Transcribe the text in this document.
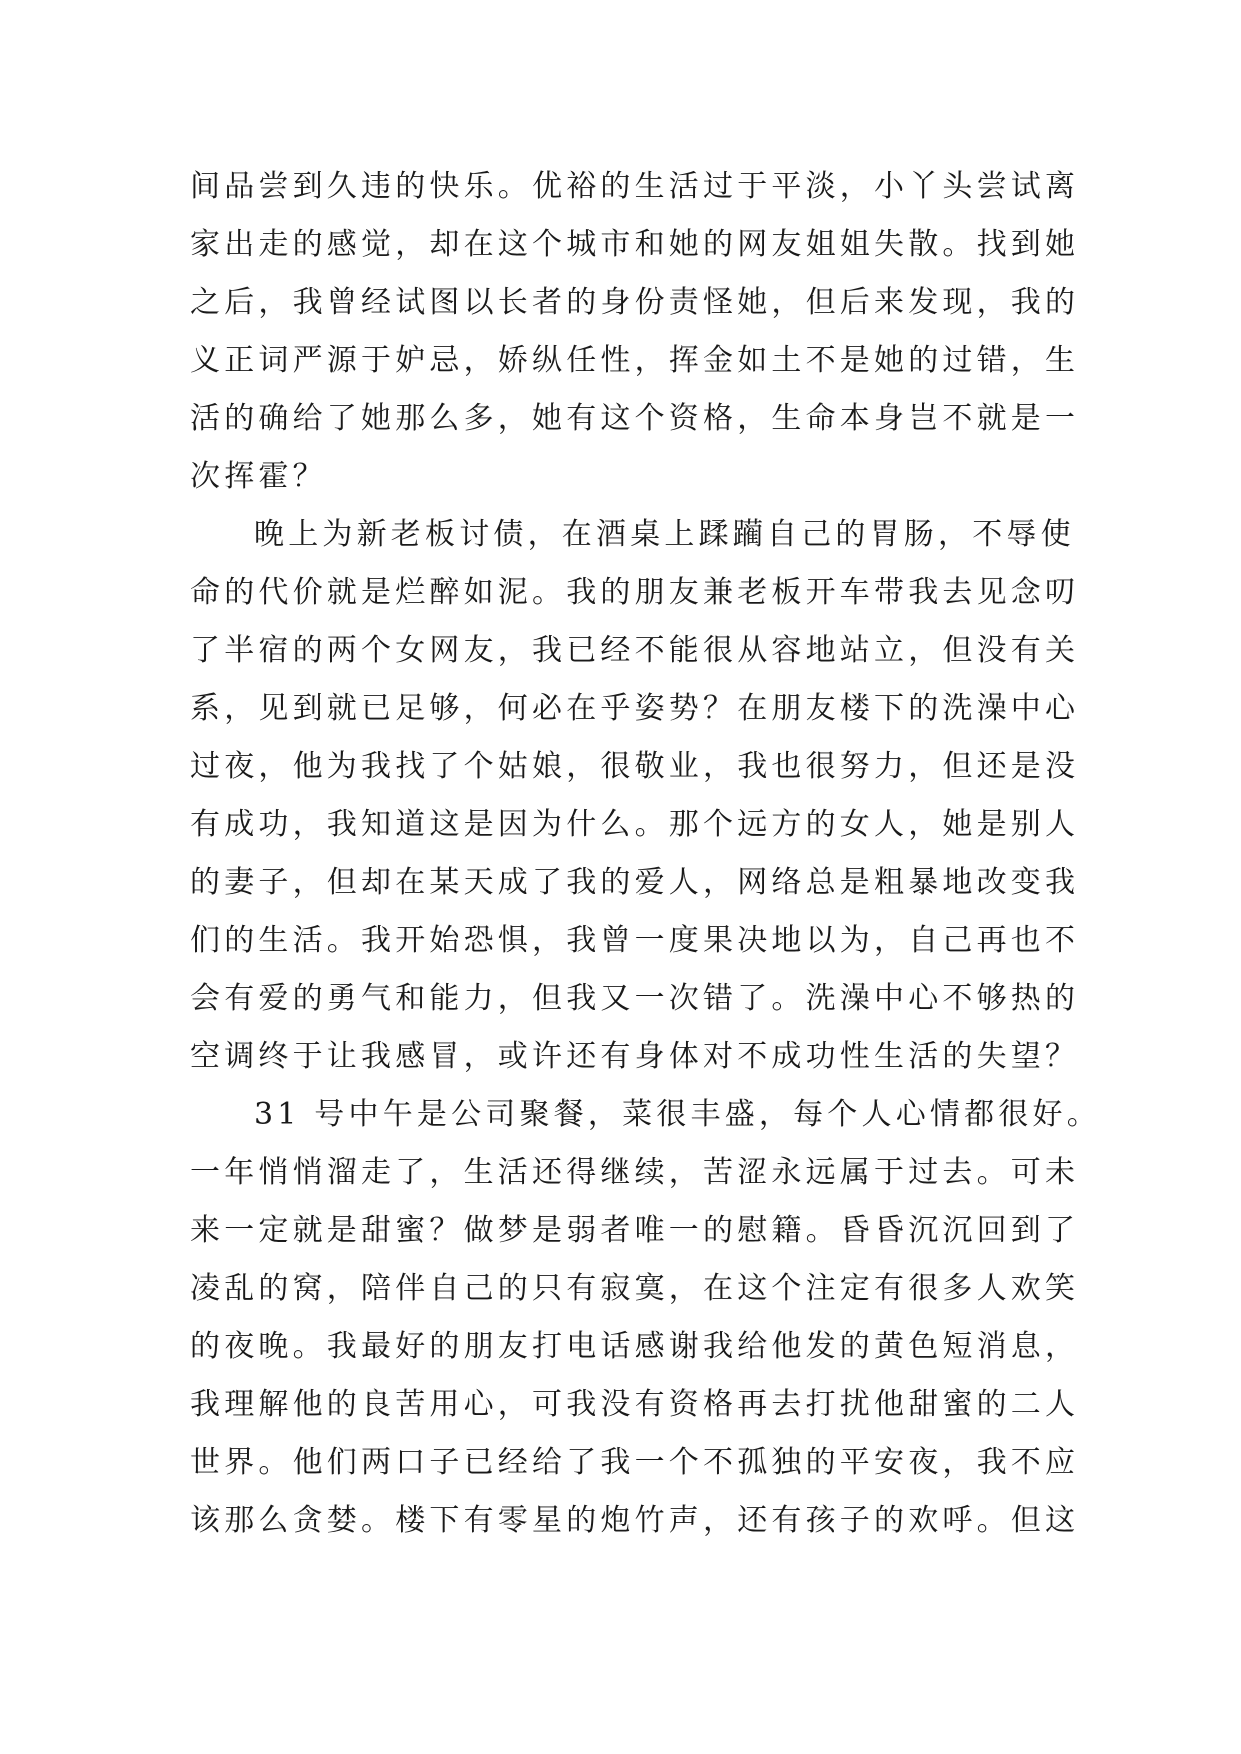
间品尝到久违的快乐。优裕的生活过于平淡，小丫头尝试离
家出走的感觉，却在这个城市和她的网友姐姐失散。找到她
之后，我曾经试图以长者的身份责怪她，但后来发现，我的
义正词严源于妒忌，娇纵任性，挥金如土不是她的过错，生
活的确给了她那么多，她有这个资格，生命本身岂不就是一
次挥霍？
晚上为新老板讨债，在酒桌上蹂躏自己的胃肠，不辱使
命的代价就是烂醉如泥。我的朋友兼老板开车带我去见念叨
了半宿的两个女网友，我已经不能很从容地站立，但没有关
系，见到就已足够，何必在乎姿势？在朋友楼下的洗澡中心
过夜，他为我找了个姑娘，很敬业，我也很努力，但还是没
有成功，我知道这是因为什么。那个远方的女人，她是别人
的妻子，但却在某天成了我的爱人，网络总是粗暴地改变我
们的生活。我开始恐惧，我曾一度果决地以为，自己再也不
会有爱的勇气和能力，但我又一次错了。洗澡中心不够热的
空调终于让我感冒，或许还有身体对不成功性生活的失望？
31 号中午是公司聚餐，菜很丰盛，每个人心情都很好。
一年悄悄溜走了，生活还得继续，苦涩永远属于过去。可未
来一定就是甜蜜？做梦是弱者唯一的慰籍。昏昏沉沉回到了
凌乱的窝，陪伴自己的只有寂寞，在这个注定有很多人欢笑
的夜晚。我最好的朋友打电话感谢我给他发的黄色短消息，
我理解他的良苦用心，可我没有资格再去打扰他甜蜜的二人
世界。他们两口子已经给了我一个不孤独的平安夜，我不应
该那么贪婪。楼下有零星的炮竹声，还有孩子的欢呼。但这
